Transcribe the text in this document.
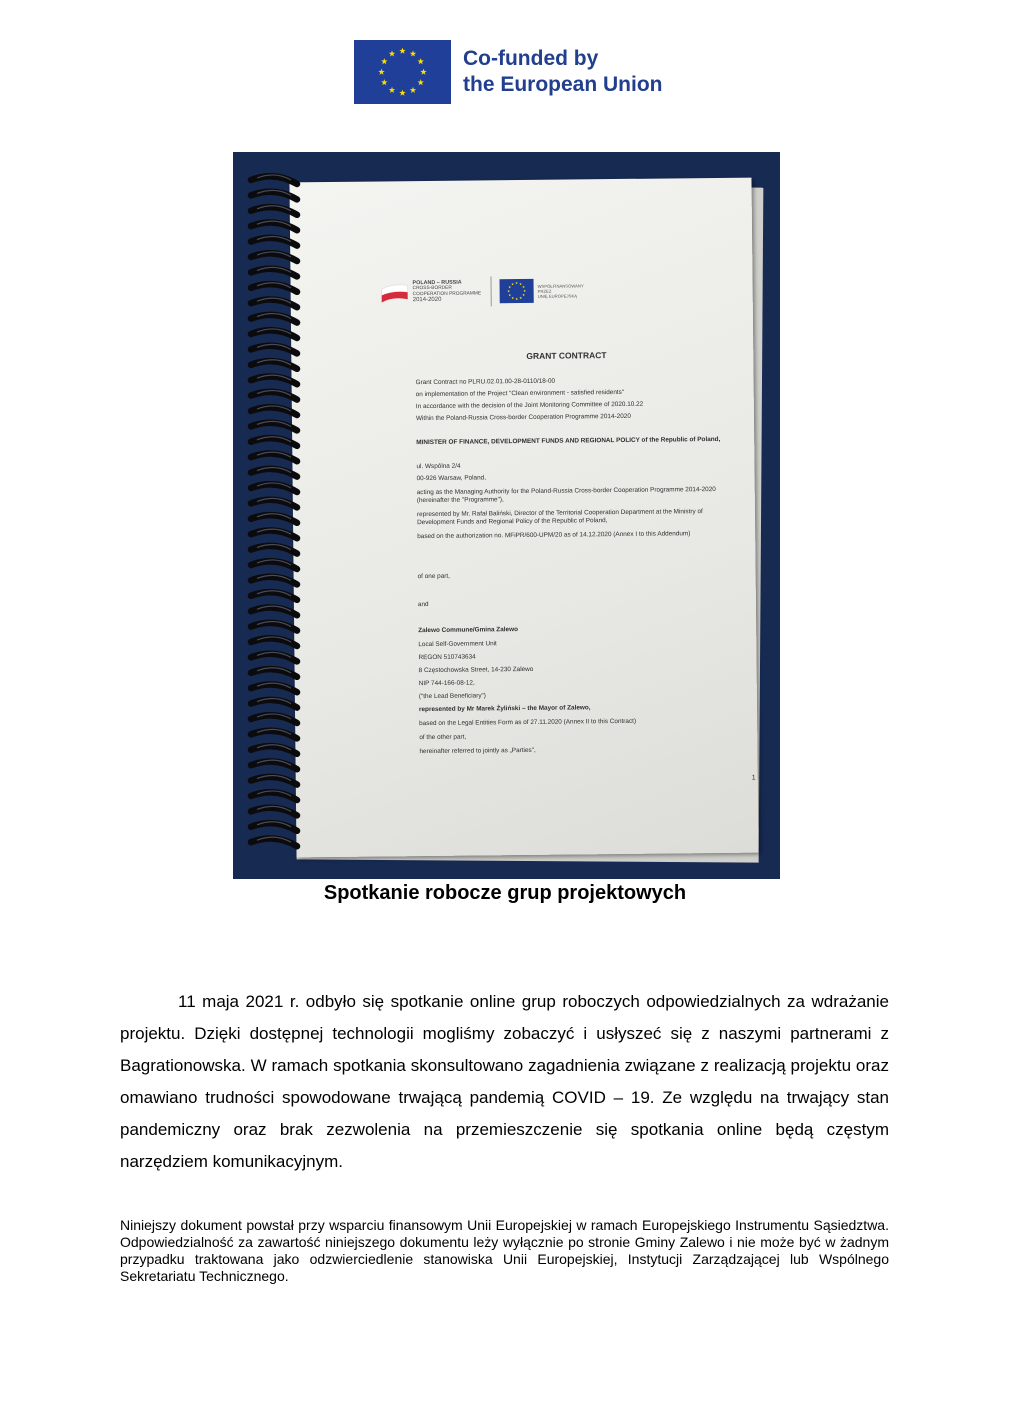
Co-funded by
the European Union
POLAND – RUSSIA
CROSS-BORDER
COOPERATION PROGRAMME
2014-2020
WSPÓŁFINANSOWANY
PRZEZ
UNIĘ EUROPEJSKĄ
GRANT CONTRACT
Grant Contract no PLRU.02.01.00-28-0110/18-00
on implementation of the Project "Clean environment - satisfied residents"
In accordance with the decision of the Joint Monitoring Committee of 2020.10.22
Within the Poland-Russia Cross-border Cooperation Programme 2014-2020
MINISTER OF FINANCE, DEVELOPMENT FUNDS AND REGIONAL POLICY of the Republic of Poland,
ul. Wspólna 2/4
00-926 Warsaw, Poland,
acting as the Managing Authority for the Poland-Russia Cross-border Cooperation Programme 2014-2020 (hereinafter the "Programme"),
represented by Mr. Rafał Baliński, Director of the Territorial Cooperation Department at the Ministry of Development Funds and Regional Policy of the Republic of Poland,
based on the authorization no. MFiPR/600-UPM/20 as of 14.12.2020 (Annex I to this Addendum)
of one part,
and
Zalewo Commune/Gmina Zalewo
Local Self-Government Unit
REGON 510743634
8 Częstochowska Street, 14-230 Zalewo
NIP 744-166-08-12,
("the Lead Beneficiary")
represented by Mr Marek Żyliński – the Mayor of Zalewo,
based on the Legal Entities Form as of 27.11.2020 (Annex II to this Contract)
of the other part,
hereinafter referred to jointly as „Parties",
1
Spotkanie robocze grup projektowych
11 maja 2021 r. odbyło się spotkanie online grup roboczych odpowiedzialnych za wdrażanie projektu. Dzięki dostępnej technologii mogliśmy zobaczyć i usłyszeć się z naszymi partnerami z Bagrationowska. W ramach spotkania skonsultowano zagadnienia związane z realizacją projektu oraz omawiano trudności spowodowane trwającą pandemią COVID – 19. Ze względu na trwający stan pandemiczny oraz brak zezwolenia na przemieszczenie się spotkania online będą częstym narzędziem komunikacyjnym.
Niniejszy dokument powstał przy wsparciu finansowym Unii Europejskiej w ramach Europejskiego Instrumentu Sąsiedztwa. Odpowiedzialność za zawartość niniejszego dokumentu leży wyłącznie po stronie Gminy Zalewo i nie może być w żadnym przypadku traktowana jako odzwierciedlenie stanowiska Unii Europejskiej, Instytucji Zarządzającej lub Wspólnego Sekretariatu Technicznego.
